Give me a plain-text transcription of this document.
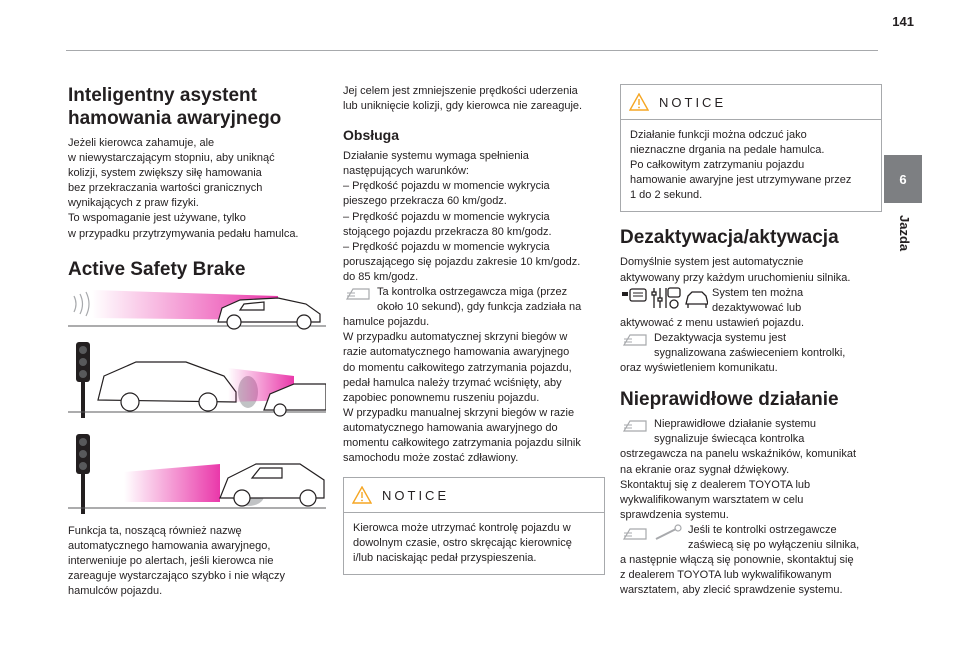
141
6
Jazda
Inteligentny asystent
hamowania awaryjnego

Jeżeli kierowca zahamuje, ale
w niewystarczającym stopniu, aby uniknąć
kolizji, system zwiększy siłę hamowania
bez przekraczania wartości granicznych
wynikających z praw fizyki.
To wspomaganie jest używane, tylko
w przypadku przytrzymywania pedału hamulca.

Active Safety Brake

Funkcja ta, noszącą również nazwę
automatycznego hamowania awaryjnego,
interweniuje po alertach, jeśli kierowca nie
zareaguje wystarczająco szybko i nie włączy
hamulców pojazdu.

Jej celem jest zmniejszenie prędkości uderzenia
lub uniknięcie kolizji, gdy kierowca nie zareaguje.

Obsługa

Działanie systemu wymaga spełnienia
następujących warunków:
– Prędkość pojazdu w momencie wykrycia
pieszego przekracza 60 km/godz.
– Prędkość pojazdu w momencie wykrycia
stojącego pojazdu przekracza 80 km/godz.
– Prędkość pojazdu w momencie wykrycia
poruszającego się pojazdu zakresie 10 km/godz.
do 85 km/godz.

Ta kontrolka ostrzegawcza miga (przez
około 10 sekund), gdy funkcja zadziała na

hamulce pojazdu.
W przypadku automatycznej skrzyni biegów w
razie automatycznego hamowania awaryjnego
do momentu całkowitego zatrzymania pojazdu,
pedał hamulca należy trzymać wciśnięty, aby
zapobiec ponownemu ruszeniu pojazdu.
W przypadku manualnej skrzyni biegów w razie
automatycznego hamowania awaryjnego do
momentu całkowitego zatrzymania pojazdu silnik
samochodu może zostać zdławiony.

NOTICE

Kierowca może utrzymać kontrolę pojazdu w
dowolnym czasie, ostro skręcając kierownicę
i/lub naciskając pedał przyspieszenia.

NOTICE

Działanie funkcji można odczuć jako
nieznaczne drgania na pedale hamulca.
Po całkowitym zatrzymaniu pojazdu
hamowanie awaryjne jest utrzymywane przez
1 do 2 sekund.

Dezaktywacja/aktywacja

Domyślnie system jest automatycznie
aktywowany przy każdym uruchomieniu silnika.

System ten można
dezaktywować lub

aktywować z menu ustawień pojazdu.

Dezaktywacja systemu jest
sygnalizowana zaświeceniem kontrolki,

oraz wyświetleniem komunikatu.

Nieprawidłowe działanie

Nieprawidłowe działanie systemu
sygnalizuje świecąca kontrolka

ostrzegawcza na panelu wskaźników, komunikat
na ekranie oraz sygnał dźwiękowy.
Skontaktuj się z dealerem TOYOTA lub
wykwalifikowanym warsztatem w celu
sprawdzenia systemu.

Jeśli te kontrolki ostrzegawcze
zaświecą się po wyłączeniu silnika,

a następnie włączą się ponownie, skontaktuj się
z dealerem TOYOTA lub wykwalifikowanym
warsztatem, aby zlecić sprawdzenie systemu.
